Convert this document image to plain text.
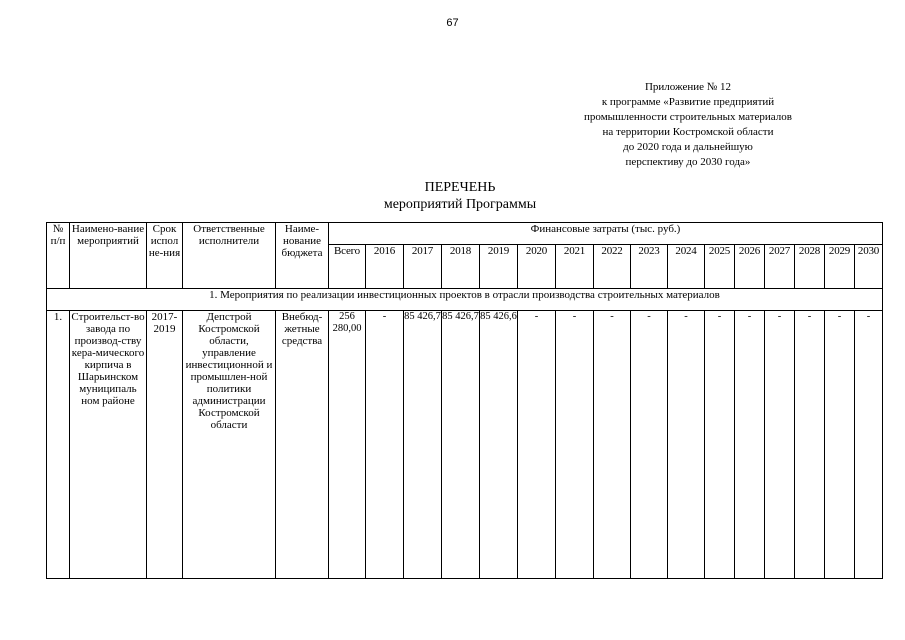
67
Приложение № 12
к программе «Развитие предприятий
промышленности строительных материалов
на территории Костромской области
до 2020 года и дальнейшую
перспективу до 2030 года»
ПЕРЕЧЕНЬ
мероприятий Программы
№ п/п	Наимено-вание мероприятий	Срок испол не-ния	Ответственные исполнители	Наиме-нование бюджета	Финансовые затраты (тыс. руб.)															
					Всего	2016	2017	2018	2019	2020	2021	2022	2023	2024	2025	2026	2027	2028	2029	2030
1. Мероприятия по реализации инвестиционных проектов в отрасли производства строительных материалов																				
1.	Строительст-во завода по производ-ству кера-мического кирпича в Шарьинском муниципаль ном районе	2017-2019	Депстрой Костромской области, управление инвестиционной и промышлен-ной политики администрации Костромской области	Внебюд-жетные средства	256 280,00	-	85 426,7	85 426,7	85 426,6	-	-	-	-	-	-	-	-	-	-	-
